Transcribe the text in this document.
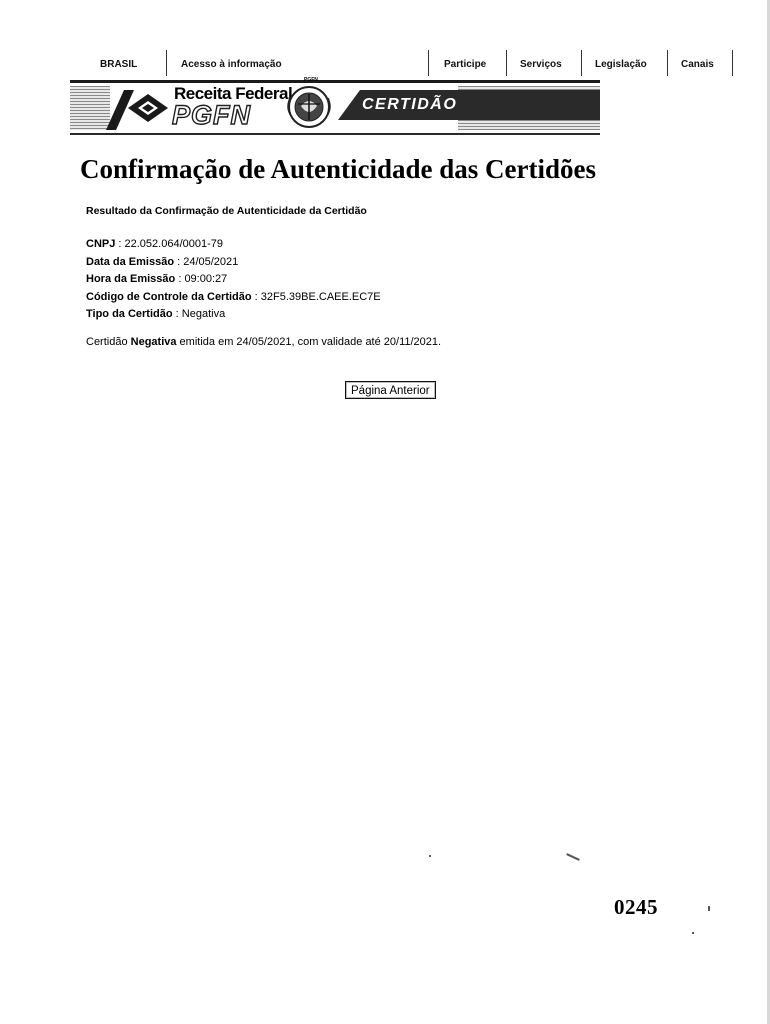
BRASIL	Acesso à informação	Participe	Serviços	Legislação	Canais
Receita Federal
PGFN
PGFN
CERTIDÃO
Confirmação de Autenticidade das Certidões
Resultado da Confirmação de Autenticidade da Certidão
CNPJ : 22.052.064/0001-79
Data da Emissão : 24/05/2021
Hora da Emissão : 09:00:27
Código de Controle da Certidão : 32F5.39BE.CAEE.EC7E
Tipo da Certidão : Negativa
Certidão Negativa emitida em 24/05/2021, com validade até 20/11/2021.
Página Anterior
0245
